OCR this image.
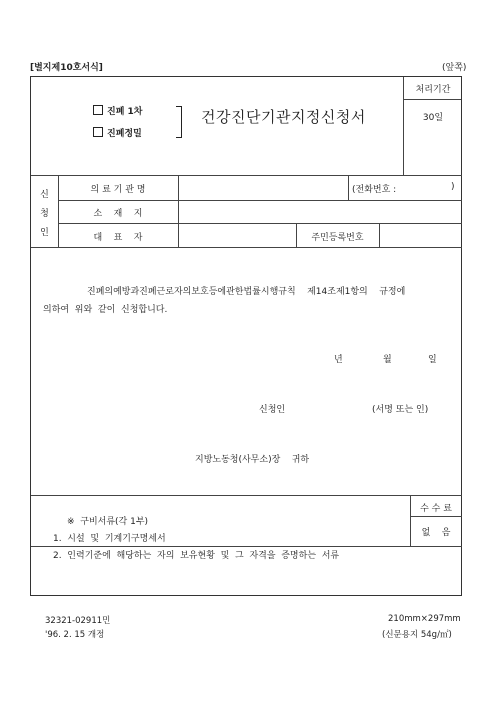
[별지제10호서식]	(앞쪽)
처리기간
30일
진폐 1차
진폐정밀
건강진단기관지정신청서
신
청
인
의 료 기 관 명	(전화번호 :	)
소    재    지
대    표    자	주민등록번호
진폐의예방과진폐근로자의보호등에관한법률시행규칙    제14조제1항의    규정에
의하여  위와  같이  신청합니다.
년	월	일
신청인	(서명 또는 인)
지방노동청(사무소)장    귀하
수 수 료
없    음
※  구비서류(각 1부)
1.  시설  및  기계기구명세서
2.  인력기준에  해당하는  자의  보유현황  및  그  자격을  증명하는  서류
32321-02911민
'96. 2. 15 개정
210mm×297mm
(신문용지 54g/㎡)
